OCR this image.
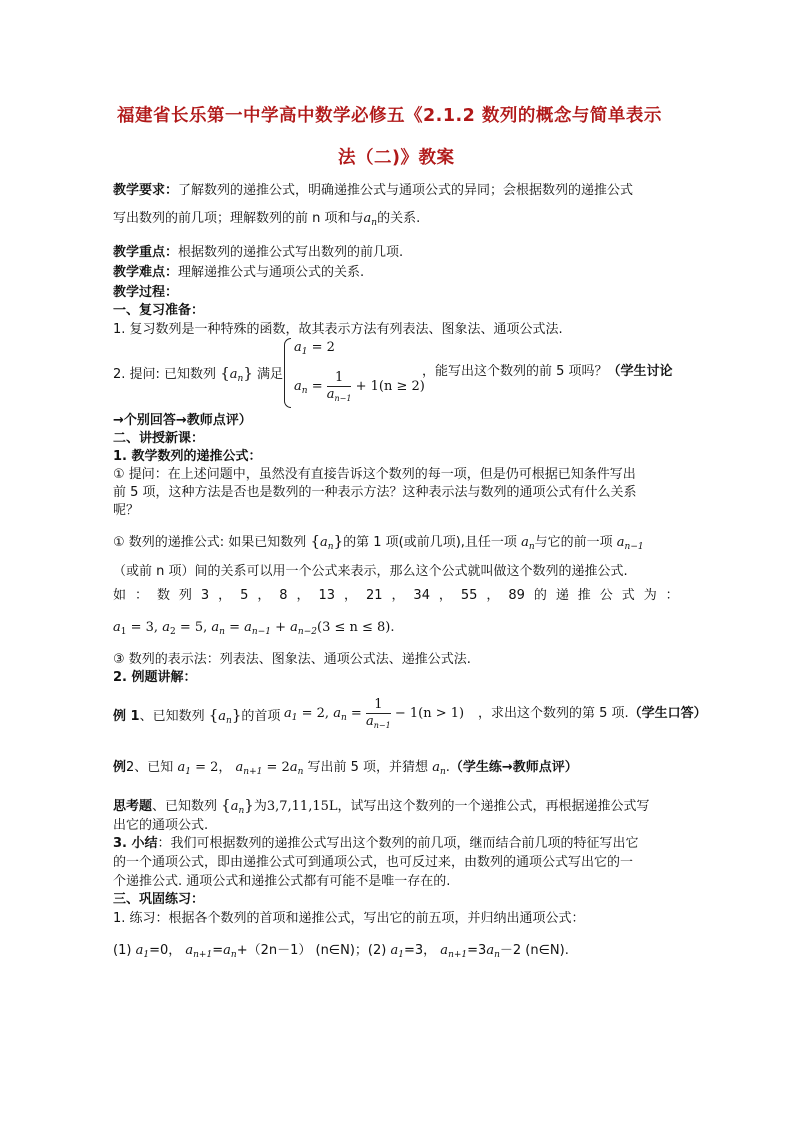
福建省长乐第一中学高中数学必修五《2.1.2 数列的概念与简单表示
法（二)》教案
教学要求：了解数列的递推公式，明确递推公式与通项公式的异同；会根据数列的递推公式
写出数列的前几项；理解数列的前 n 项和与$a_n$的关系.
教学重点：根据数列的递推公式写出数列的前几项.
教学难点：理解递推公式与通项公式的关系.
教学过程：
一、复习准备：
1. 复习数列是一种特殊的函数，故其表示方法有列表法、图象法、通项公式法.
2. 提问: 已知数列 $\{a_n\}$ 满足
$a_1 = 2$
$a_n = \frac{1}{a_{n-1}} + 1(n \ge 2)$
，能写出这个数列的前 5 项吗？（学生讨论
→个别回答→教师点评）
二、讲授新课：
1. 教学数列的递推公式：
① 提问：在上述问题中，虽然没有直接告诉这个数列的每一项，但是仍可根据已知条件写出
前 5 项，这种方法是否也是数列的一种表示方法？这种表示法与数列的通项公式有什么关系
呢？
① 数列的递推公式: 如果已知数列 $\{a_n\}$的第 1 项(或前几项),且任一项 $a_n$与它的前一项 $a_{n-1}$
（或前 n 项）间的关系可以用一个公式来表示，那么这个公式就叫做这个数列的递推公式.
如 ： 数 列 3 ， 5 ， 8 ， 13 ， 21 ， 34 ， 55 ， 89 的 递 推 公 式 为 ：
$a_1 = 3$, $a_2 = 5$, $a_n = a_{n-1} + a_{n-2}(3 \le n \le 8)$.
③ 数列的表示法：列表法、图象法、通项公式法、递推公式法.
2. 例题讲解：
例 1、已知数列 $\{a_n\}$的首项 $a_1 = 2$, $a_n = \frac{1}{a_{n-1}} - 1(n > 1)$ ，求出这个数列的第 5 项.（学生口答）
例2、已知 $a_1 = 2$， $a_{n+1} = 2a_n$ 写出前 5 项，并猜想 $a_n$.（学生练→教师点评）
思考题、已知数列 $\{a_n\}$为3,7,11,15L，试写出这个数列的一个递推公式，再根据递推公式写
出它的通项公式.
3. 小结：我们可根据数列的递推公式写出这个数列的前几项，继而结合前几项的特征写出它
的一个通项公式，即由递推公式可到通项公式，也可反过来，由数列的通项公式写出它的一
个递推公式. 通项公式和递推公式都有可能不是唯一存在的.
三、巩固练习：
1. 练习：根据各个数列的首项和递推公式，写出它的前五项，并归纳出通项公式：
(1) $a_1=0$， $a_{n+1}=a_n+(2n-1)$ (n∈N)；(2) $a_1=3$， $a_{n+1}=3a_n-2$ (n∈N).
